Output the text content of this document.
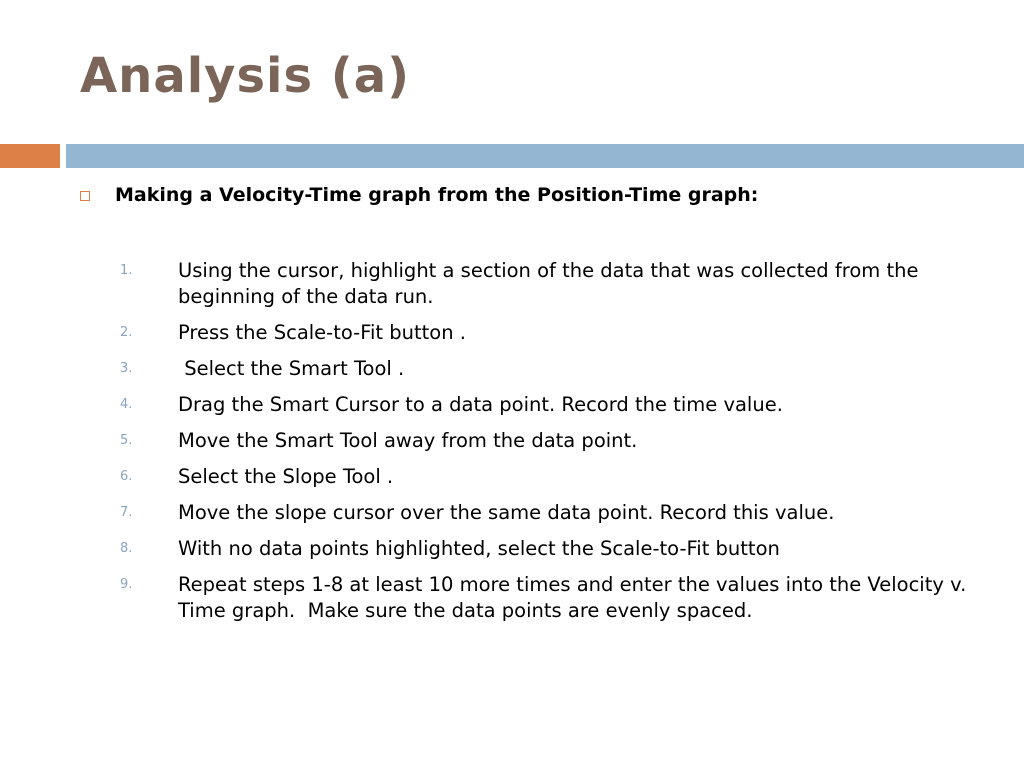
Analysis (a)
Making a Velocity-Time graph from the Position-Time graph:
1.	Using the cursor, highlight a section of the data that was collected from the beginning of the data run.
2.	Press the Scale-to-Fit button .
3.	Select the Smart Tool .
4.	Drag the Smart Cursor to a data point. Record the time value.
5.	Move the Smart Tool away from the data point.
6.	Select the Slope Tool .
7.	Move the slope cursor over the same data point. Record this value.
8.	With no data points highlighted, select the Scale-to-Fit button
9.	Repeat steps 1-8 at least 10 more times and enter the values into the Velocity v. Time graph.  Make sure the data points are evenly spaced.
